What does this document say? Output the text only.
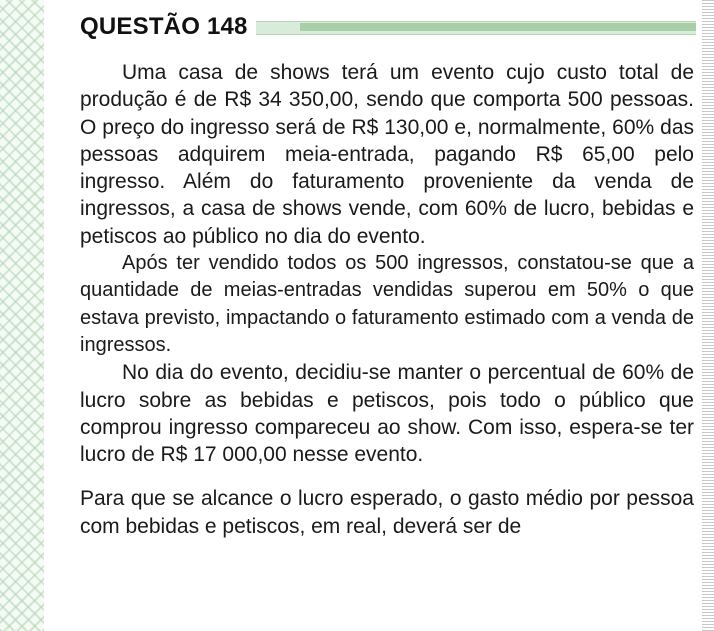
QUESTÃO 148

Uma casa de shows terá um evento cujo custo total de produção é de R$ 34 350,00, sendo que comporta 500 pessoas. O preço do ingresso será de R$ 130,00 e, normalmente, 60% das pessoas adquirem meia-entrada, pagando R$ 65,00 pelo ingresso. Além do faturamento proveniente da venda de ingressos, a casa de shows vende, com 60% de lucro, bebidas e petiscos ao público no dia do evento.

Após ter vendido todos os 500 ingressos, constatou-se que a quantidade de meias-entradas vendidas superou em 50% o que estava previsto, impactando o faturamento estimado com a venda de ingressos.

No dia do evento, decidiu-se manter o percentual de 60% de lucro sobre as bebidas e petiscos, pois todo o público que comprou ingresso compareceu ao show. Com isso, espera-se ter lucro de R$ 17 000,00 nesse evento.

Para que se alcance o lucro esperado, o gasto médio por pessoa com bebidas e petiscos, em real, deverá ser de
